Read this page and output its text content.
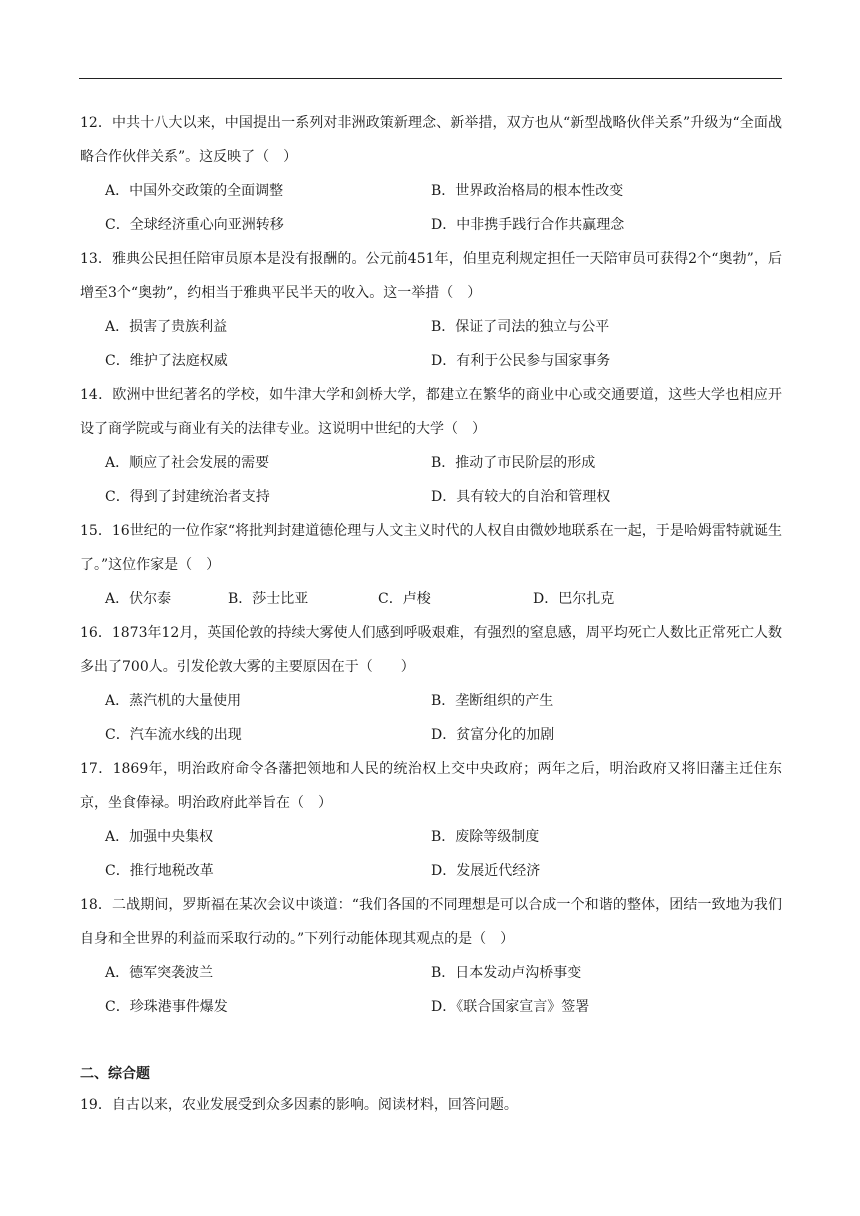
12．中共十八大以来，中国提出一系列对非洲政策新理念、新举措，双方也从“新型战略伙伴关系”升级为“全面战略合作伙伴关系”。这反映了（　）

A．中国外交政策的全面调整	B．世界政治格局的根本性改变
C．全球经济重心向亚洲转移	D．中非携手践行合作共赢理念

13．雅典公民担任陪审员原本是没有报酬的。公元前451年，伯里克利规定担任一天陪审员可获得2个“奥勃”，后增至3个“奥勃”，约相当于雅典平民半天的收入。这一举措（　）

A．损害了贵族利益	B．保证了司法的独立与公平
C．维护了法庭权威	D．有利于公民参与国家事务

14．欧洲中世纪著名的学校，如牛津大学和剑桥大学，都建立在繁华的商业中心或交通要道，这些大学也相应开设了商学院或与商业有关的法律专业。这说明中世纪的大学（　）

A．顺应了社会发展的需要	B．推动了市民阶层的形成
C．得到了封建统治者支持	D．具有较大的自治和管理权

15．16世纪的一位作家“将批判封建道德伦理与人文主义时代的人权自由微妙地联系在一起，于是哈姆雷特就诞生了。”这位作家是（　）

A．伏尔泰	B．莎士比亚	C．卢梭	D．巴尔扎克

16．1873年12月，英国伦敦的持续大雾使人们感到呼吸艰难，有强烈的窒息感，周平均死亡人数比正常死亡人数多出了700人。引发伦敦大雾的主要原因在于（　　）

A．蒸汽机的大量使用	B．垄断组织的产生
C．汽车流水线的出现	D．贫富分化的加剧

17．1869年，明治政府命令各藩把领地和人民的统治权上交中央政府；两年之后，明治政府又将旧藩主迁住东京，坐食俸禄。明治政府此举旨在（　）

A．加强中央集权	B．废除等级制度
C．推行地税改革	D．发展近代经济

18．二战期间，罗斯福在某次会议中谈道：“我们各国的不同理想是可以合成一个和谐的整体，团结一致地为我们自身和全世界的利益而采取行动的。”下列行动能体现其观点的是（　）

A．德军突袭波兰	B．日本发动卢沟桥事变
C．珍珠港事件爆发	D．《联合国家宣言》签署

二、综合题

19．自古以来，农业发展受到众多因素的影响。阅读材料，回答问题。
